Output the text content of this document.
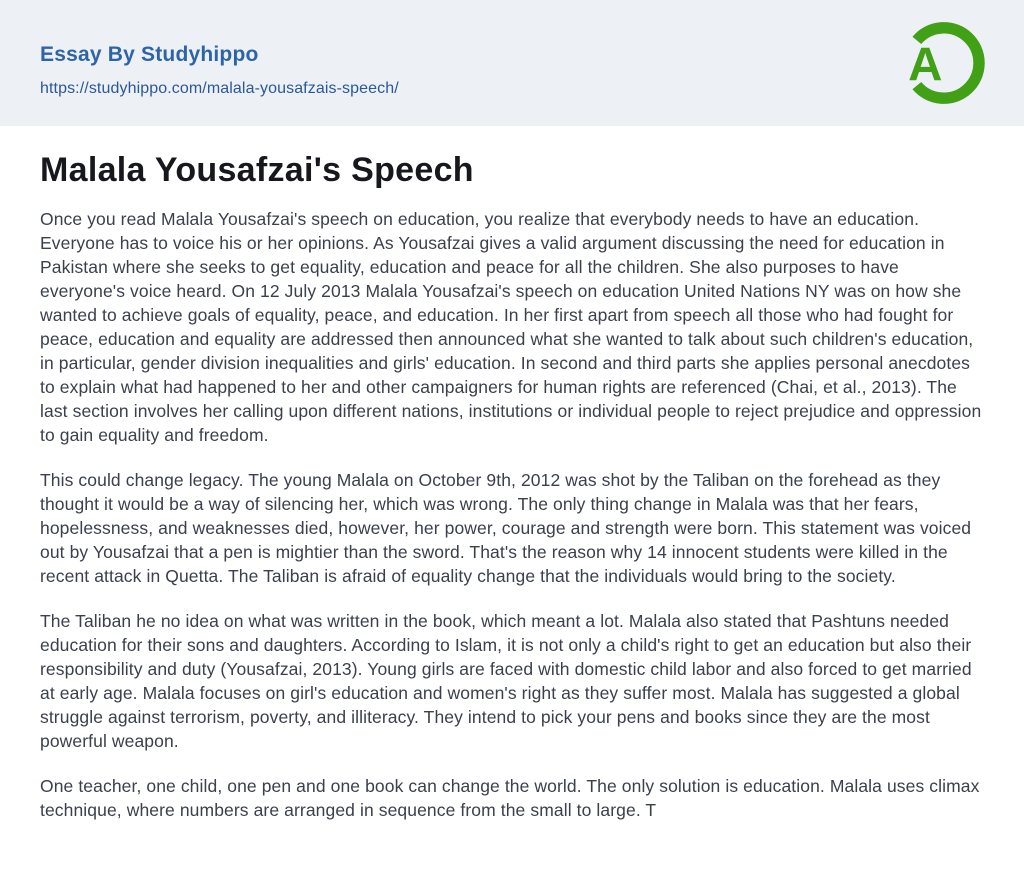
Essay By Studyhippo
https://studyhippo.com/malala-yousafzais-speech/	A
Malala Yousafzai's Speech

Once you read Malala Yousafzai's speech on education, you realize that everybody needs to have an education. Everyone has to voice his or her opinions. As Yousafzai gives a valid argument discussing the need for education in Pakistan where she seeks to get equality, education and peace for all the children. She also purposes to have everyone's voice heard. On 12 July 2013 Malala Yousafzai's speech on education United Nations NY was on how she wanted to achieve goals of equality, peace, and education. In her first apart from speech all those who had fought for peace, education and equality are addressed then announced what she wanted to talk about such children's education, in particular, gender division inequalities and girls' education. In second and third parts she applies personal anecdotes to explain what had happened to her and other campaigners for human rights are referenced (Chai, et al., 2013). The last section involves her calling upon different nations, institutions or individual people to reject prejudice and oppression to gain equality and freedom.

This could change legacy. The young Malala on October 9th, 2012 was shot by the Taliban on the forehead as they thought it would be a way of silencing her, which was wrong. The only thing change in Malala was that her fears, hopelessness, and weaknesses died, however, her power, courage and strength were born. This statement was voiced out by Yousafzai that a pen is mightier than the sword. That's the reason why 14 innocent students were killed in the recent attack in Quetta. The Taliban is afraid of equality change that the individuals would bring to the society.

The Taliban he no idea on what was written in the book, which meant a lot. Malala also stated that Pashtuns needed education for their sons and daughters. According to Islam, it is not only a child's right to get an education but also their responsibility and duty (Yousafzai, 2013). Young girls are faced with domestic child labor and also forced to get married at early age. Malala focuses on girl's education and women's right as they suffer most. Malala has suggested a global struggle against terrorism, poverty, and illiteracy. They intend to pick your pens and books since they are the most powerful weapon.

One teacher, one child, one pen and one book can change the world. The only solution is education. Malala uses climax technique, where numbers are arranged in sequence from the small to large. T
